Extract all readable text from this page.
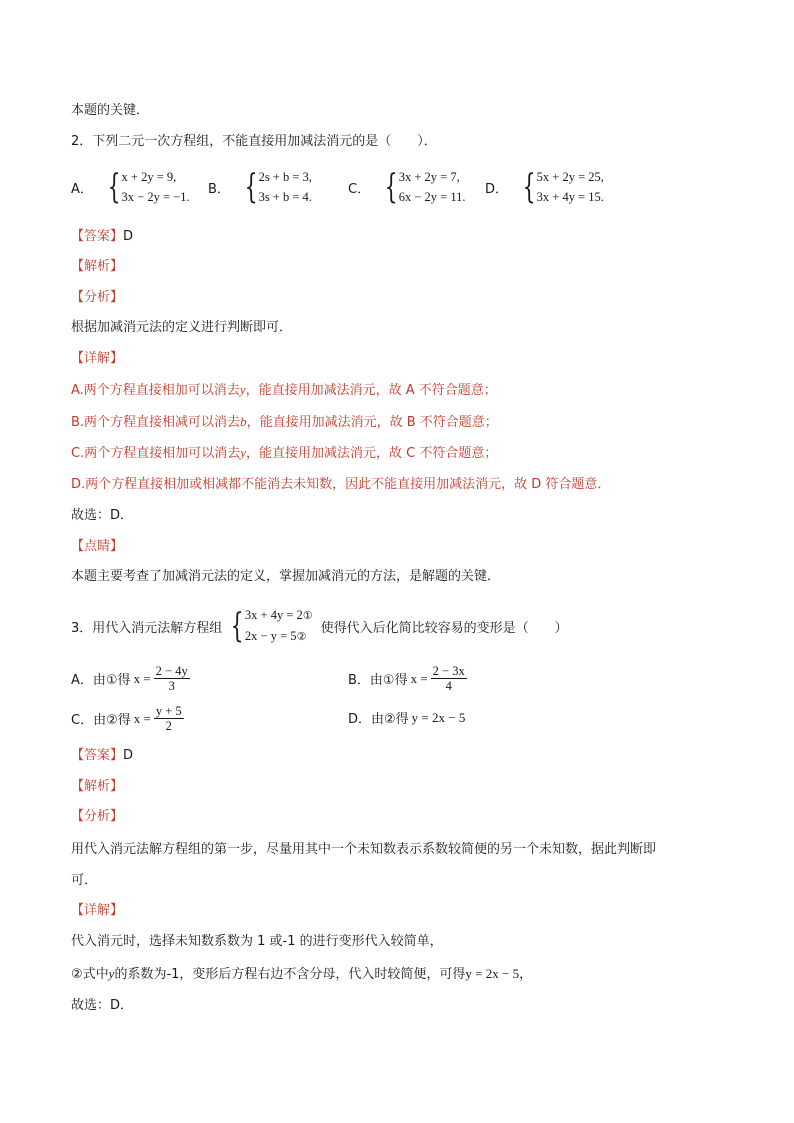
本题的关键．
2．下列二元一次方程组，不能直接用加减法消元的是（　　）．
A． { x + 2y = 9,
3x − 2y = −1.
B． { 2s + b = 3,
3s + b = 4.
C． { 3x + 2y = 7,
6x − 2y = 11.
D． { 5x + 2y = 25,
3x + 4y = 15.
【答案】D
【解析】
【分析】
根据加减消元法的定义进行判断即可．
【详解】
A.两个方程直接相加可以消去y，能直接用加减法消元，故 A 不符合题意；
B.两个方程直接相减可以消去b，能直接用加减法消元，故 B 不符合题意；
C.两个方程直接相加可以消去y，能直接用加减法消元，故 C 不符合题意；
D.两个方程直接相加或相减都不能消去未知数，因此不能直接用加减法消元，故 D 符合题意．
故选：D．
【点睛】
本题主要考查了加减消元法的定义，掌握加减消元的方法，是解题的关键．
3．用代入消元法解方程组 { 3x + 4y = 2①
2x − y = 5②
使得代入后化简比较容易的变形是（　　）
A．由①得 $x = \frac{2 - 4y}{3}$	B．由①得 $x = \frac{2 - 3x}{4}$
C．由②得 $x = \frac{y + 5}{2}$	D．由②得 y = 2x − 5
【答案】D
【解析】
【分析】
用代入消元法解方程组的第一步，尽量用其中一个未知数表示系数较简便的另一个未知数，据此判断即
可．
【详解】
代入消元时，选择未知数系数为 1 或-1 的进行变形代入较简单，
②式中y的系数为-1，变形后方程右边不含分母，代入时较简便，可得y = 2x − 5，
故选：D．
